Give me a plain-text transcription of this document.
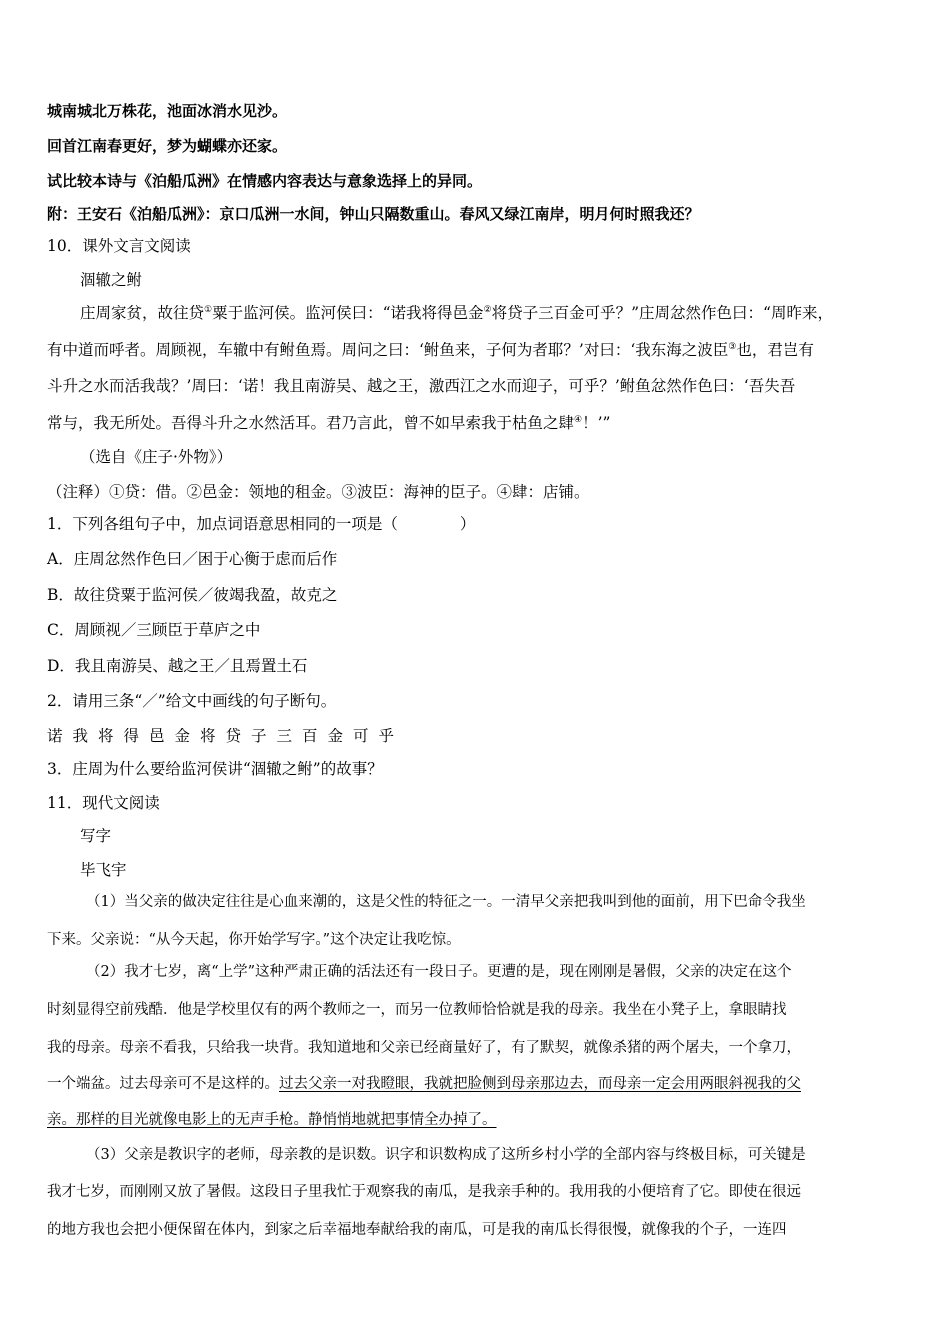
城南城北万株花，池面冰消水见沙。
回首江南春更好，梦为蝴蝶亦还家。
试比较本诗与《泊船瓜洲》在情感内容表达与意象选择上的异同。
附：王安石《泊船瓜洲》：京口瓜洲一水间，钟山只隔数重山。春风又绿江南岸，明月何时照我还？
10．课外文言文阅读
涸辙之鲋
庄周家贫，故往贷①粟于监河侯。监河侯曰：“诺我将得邑金②将贷子三百金可乎？”庄周忿然作色曰：“周昨来，
有中道而呼者。周顾视，车辙中有鲋鱼焉。周问之曰：‘鲋鱼来，子何为者耶？’对曰：‘我东海之波臣③也，君岂有
斗升之水而活我哉？’周曰：‘诺！我且南游吴、越之王，激西江之水而迎子，可乎？’鲋鱼忿然作色曰：‘吾失吾
常与，我无所处。吾得斗升之水然活耳。君乃言此，曾不如早索我于枯鱼之肆④！’”
（选自《庄子·外物》）
（注释）①贷：借。②邑金：领地的租金。③波臣：海神的臣子。④肆：店铺。
1．下列各组句子中，加点词语意思相同的一项是（　　　　）
A．庄周忿然作色曰／困于心衡于虑而后作
B．故往贷粟于监河侯／彼竭我盈，故克之
C．周顾视／三顾臣于草庐之中
D．我且南游吴、越之王／且焉置土石
2．请用三条“／”给文中画线的句子断句。
诺我将得邑金将贷子三百金可乎
3．庄周为什么要给监河侯讲“涸辙之鲋”的故事？
11．现代文阅读
写字
毕飞宇
（1）当父亲的做决定往往是心血来潮的，这是父性的特征之一。一清早父亲把我叫到他的面前，用下巴命令我坐
下来。父亲说：“从今天起，你开始学写字。”这个决定让我吃惊。
（2）我才七岁，离“上学”这种严肃正确的活法还有一段日子。更遭的是，现在刚刚是暑假，父亲的决定在这个
时刻显得空前残酷．他是学校里仅有的两个教师之一，而另一位教师恰恰就是我的母亲。我坐在小凳子上，拿眼睛找
我的母亲。母亲不看我，只给我一块背。我知道地和父亲已经商量好了，有了默契，就像杀猪的两个屠夫，一个拿刀，
一个端盆。过去母亲可不是这样的。过去父亲一对我瞪眼，我就把脸侧到母亲那边去，而母亲一定会用两眼斜视我的父
亲。那样的目光就像电影上的无声手枪。静悄悄地就把事情全办掉了。
（3）父亲是教识字的老师，母亲教的是识数。识字和识数构成了这所乡村小学的全部内容与终极目标，可关键是
我才七岁，而刚刚又放了暑假。这段日子里我忙于观察我的南瓜，是我亲手种的。我用我的小便培育了它。即使在很远
的地方我也会把小便保留在体内，到家之后幸福地奉献给我的南瓜，可是我的南瓜长得很慢，就像我的个子，一连四
